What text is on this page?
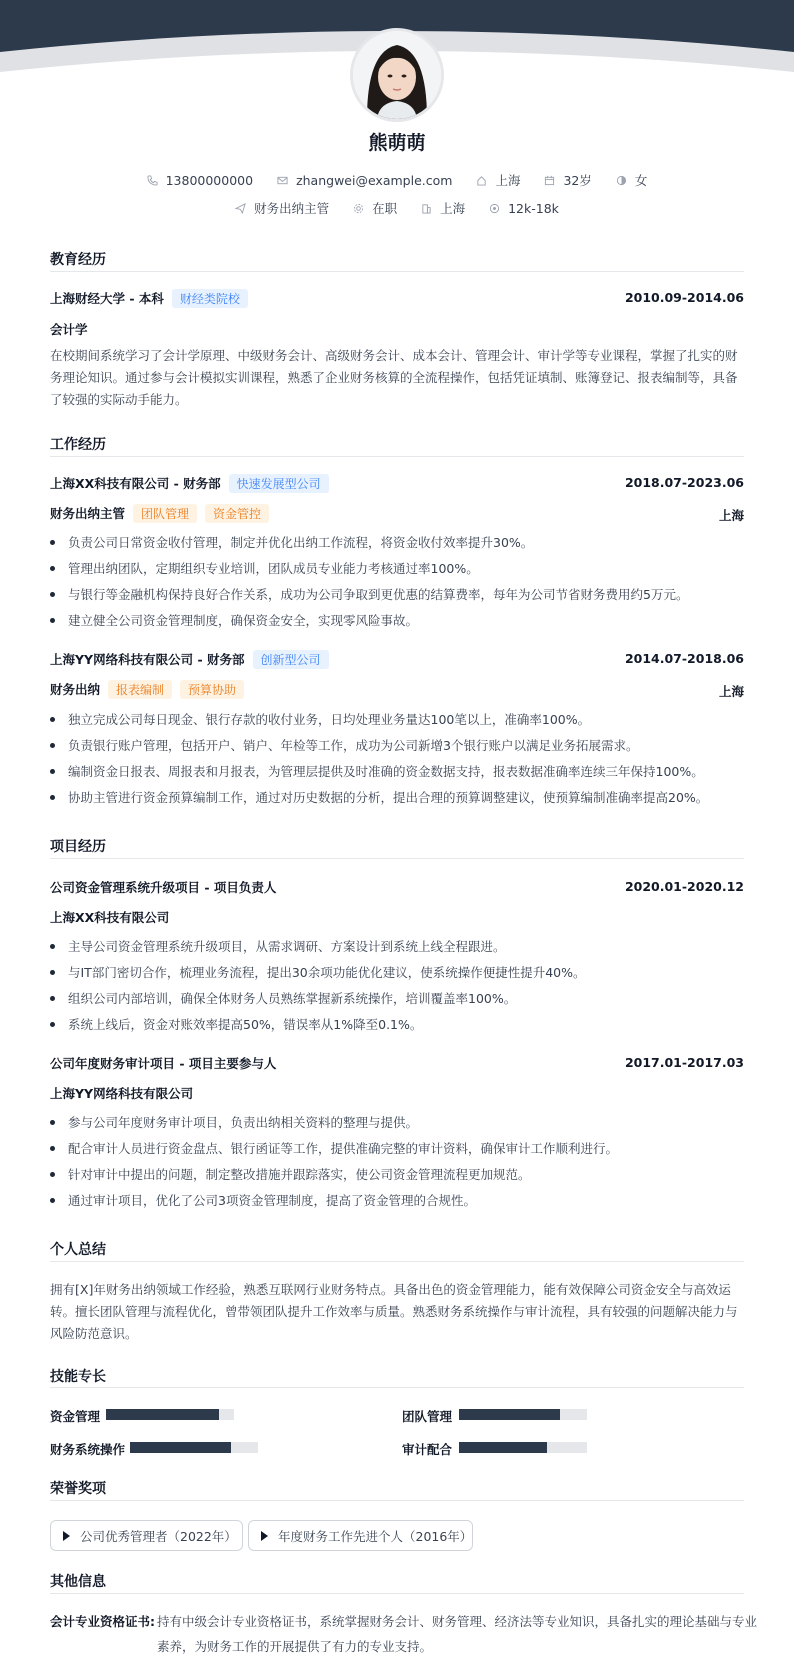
熊萌萌
13800000000	zhangwei@example.com	上海	32岁	女
财务出纳主管	在职	上海	12k-18k
教育经历
上海财经大学 - 本科 财经类院校	2010.09-2014.06
会计学
在校期间系统学习了会计学原理、中级财务会计、高级财务会计、成本会计、管理会计、审计学等专业课程，掌握了扎实的财务理论知识。通过参与会计模拟实训课程，熟悉了企业财务核算的全流程操作，包括凭证填制、账簿登记、报表编制等，具备了较强的实际动手能力。
工作经历
上海XX科技有限公司 - 财务部 快速发展型公司	2018.07-2023.06
财务出纳主管 团队管理 资金管控	上海
负责公司日常资金收付管理，制定并优化出纳工作流程，将资金收付效率提升30%。
管理出纳团队，定期组织专业培训，团队成员专业能力考核通过率100%。
与银行等金融机构保持良好合作关系，成功为公司争取到更优惠的结算费率，每年为公司节省财务费用约5万元。
建立健全公司资金管理制度，确保资金安全，实现零风险事故。
上海YY网络科技有限公司 - 财务部 创新型公司	2014.07-2018.06
财务出纳 报表编制 预算协助	上海
独立完成公司每日现金、银行存款的收付业务，日均处理业务量达100笔以上，准确率100%。
负责银行账户管理，包括开户、销户、年检等工作，成功为公司新增3个银行账户以满足业务拓展需求。
编制资金日报表、周报表和月报表，为管理层提供及时准确的资金数据支持，报表数据准确率连续三年保持100%。
协助主管进行资金预算编制工作，通过对历史数据的分析，提出合理的预算调整建议，使预算编制准确率提高20%。
项目经历
公司资金管理系统升级项目 - 项目负责人	2020.01-2020.12
上海XX科技有限公司
主导公司资金管理系统升级项目，从需求调研、方案设计到系统上线全程跟进。
与IT部门密切合作，梳理业务流程，提出30余项功能优化建议，使系统操作便捷性提升40%。
组织公司内部培训，确保全体财务人员熟练掌握新系统操作，培训覆盖率100%。
系统上线后，资金对账效率提高50%，错误率从1%降至0.1%。
公司年度财务审计项目 - 项目主要参与人	2017.01-2017.03
上海YY网络科技有限公司
参与公司年度财务审计项目，负责出纳相关资料的整理与提供。
配合审计人员进行资金盘点、银行函证等工作，提供准确完整的审计资料，确保审计工作顺利进行。
针对审计中提出的问题，制定整改措施并跟踪落实，使公司资金管理流程更加规范。
通过审计项目，优化了公司3项资金管理制度，提高了资金管理的合规性。
个人总结
拥有[X]年财务出纳领域工作经验，熟悉互联网行业财务特点。具备出色的资金管理能力，能有效保障公司资金安全与高效运转。擅长团队管理与流程优化，曾带领团队提升工作效率与质量。熟悉财务系统操作与审计流程，具有较强的问题解决能力与风险防范意识。
技能专长
资金管理	团队管理
财务系统操作	审计配合
荣誉奖项
公司优秀管理者（2022年）	年度财务工作先进个人（2016年）
其他信息
会计专业资格证书: 持有中级会计专业资格证书，系统掌握财务会计、财务管理、经济法等专业知识，具备扎实的理论基础与专业
素养，为财务工作的开展提供了有力的专业支持。
